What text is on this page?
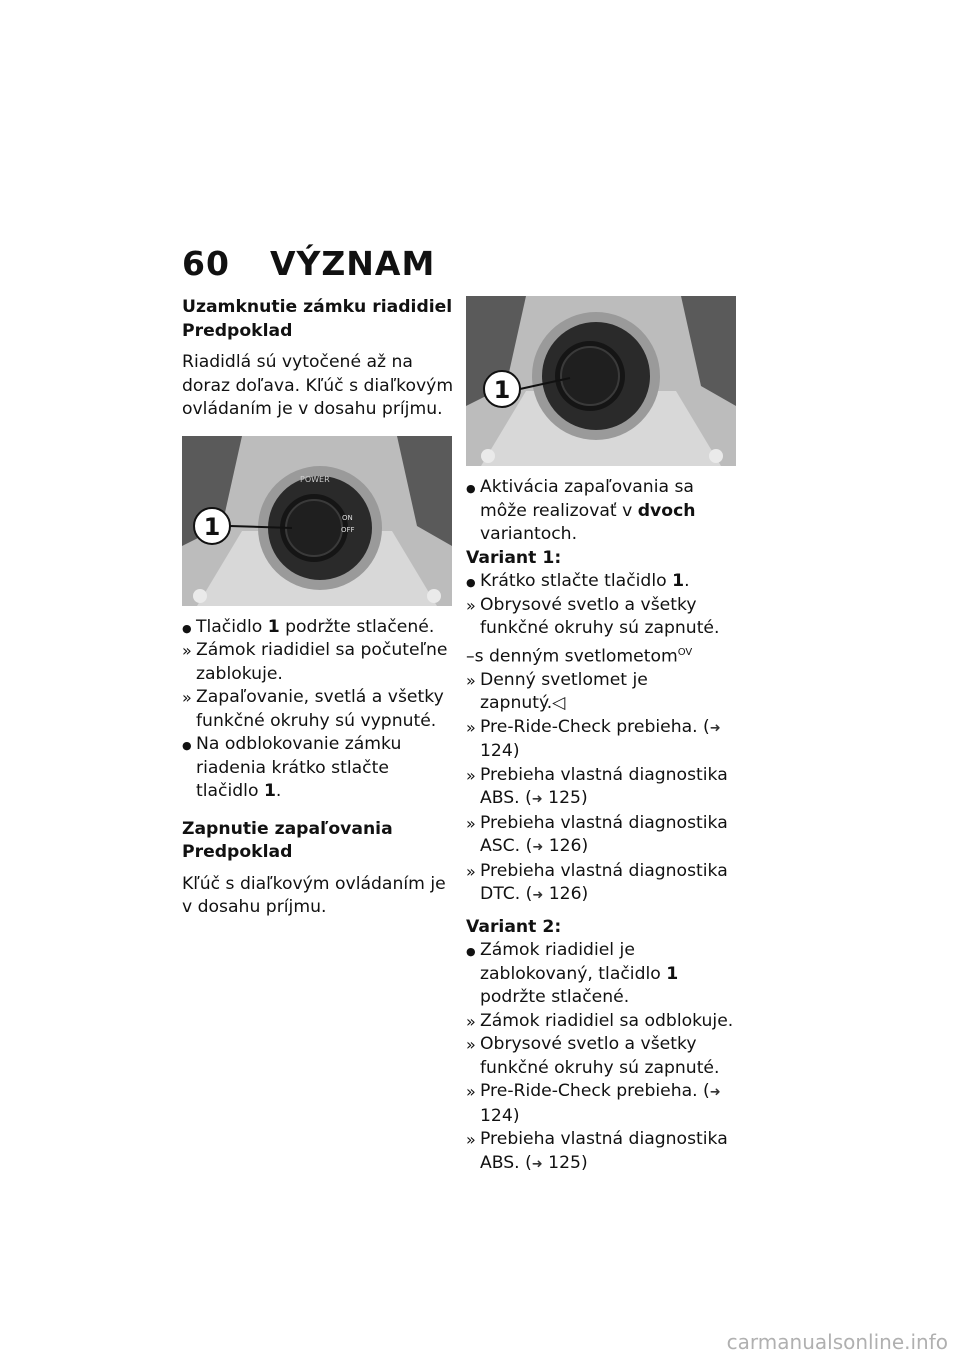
60 VÝZNAM
Uzamknutie zámku riadidiel
Predpoklad

Riadidlá sú vytočené až na doraz doľava. Kľúč s diaľkovým ovládaním je v dosahu príjmu.

POWER
ON
OFF
1
● Tlačidlo 1 podržte stlačené.
» Zámok riadidiel sa počuteľne zablokuje.
» Zapaľovanie, svetlá a všetky funkčné okruhy sú vypnuté.
● Na odblokovanie zámku riadenia krátko stlačte tlačidlo 1.
Zapnutie zapaľovania
Predpoklad

Kľúč s diaľkovým ovládaním je v dosahu príjmu.

1
● Aktivácia zapaľovania sa môže realizovať v dvoch variantoch.
Variant 1:
● Krátko stlačte tlačidlo 1.
» Obrysové svetlo a všetky funkčné okruhy sú zapnuté.
–s denným svetlometom$^{OV}$
» Denný svetlomet je zapnutý.◁
» Pre-Ride-Check prebieha. (➜ 124)
» Prebieha vlastná diagnostika ABS. (➜ 125)
» Prebieha vlastná diagnostika ASC. (➜ 126)
» Prebieha vlastná diagnostika DTC. (➜ 126)
Variant 2:
● Zámok riadidiel je zablokovaný, tlačidlo 1 podržte stlačené.
» Zámok riadidiel sa odblokuje.
» Obrysové svetlo a všetky funkčné okruhy sú zapnuté.
» Pre-Ride-Check prebieha. (➜ 124)
» Prebieha vlastná diagnostika ABS. (➜ 125)
carmanualsonline.info
